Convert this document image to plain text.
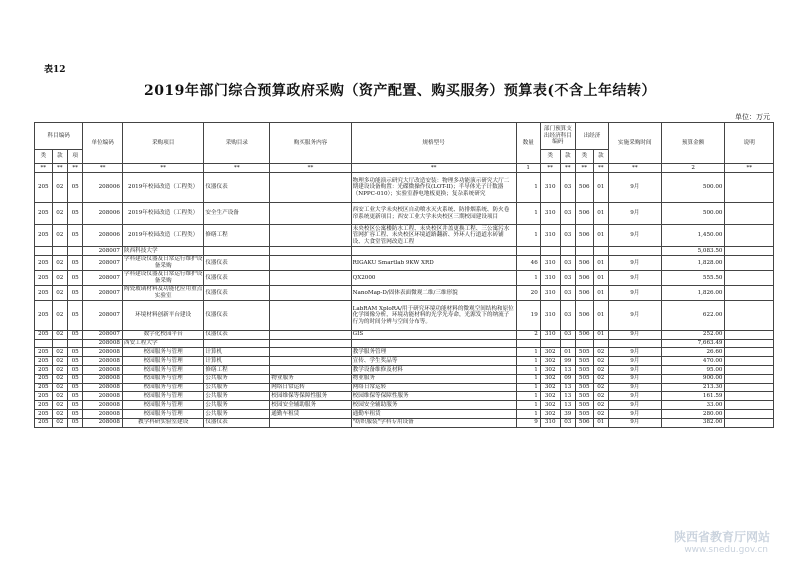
表12
2019年部门综合预算政府采购（资产配置、购买服务）预算表(不含上年结转）
单位：万元
科目编码			单位编码	采购项目	采购目录	购买服务内容	规格型号	数量	部门预算支出经济科目编码		出经济		实施采购时间	预算金额	说明
类	款	项							类	款	类	款			
**	**	**	**	**	**	**	**	1	**	**	**	**	**	2	**
205	02	05	208006	2019年校园改造（工程类）	仪器仪表		物理多功能演示研究大厅改造安装：物理多功能演示研究大厅二期建设设备购置：光碟微操作仪(LOT-II)；半导体光子计数器（NPPC-010）；实验室静电地板更换；复杂系统研究	1	310	03	506	01	9月	500.00	
205	02	05	208006	2019年校园改造（工程类）	安全生产设备		西安工业大学未央校区自动喷水灭火系统、防排烟系统、防火卷帘系统更新项目；西安工业大学未央校区三期校园建设项目	1	310	03	506	01	9月	500.00	
205	02	05	208006	2019年校园改造（工程类）	修缮工程		未央校区公寓楼防水工程、未央校区井盖更换工程、三公寓污水管网扩容工程、未央校区环境道路翻新、外环人行道道水砖铺设、大食堂管网改造工程	1	310	03	506	01	9月	1,450.00	
			208007	陕西科技大学										5,083.50	
205	02	05	208007	学科建设仪器及日常运行维护设备采购	仪器仪表		RIGAKU Smartlab 9KW XRD	46	310	03	506	01	9月	1,828.00	
205	02	05	208007	学科建设仪器及日常运行维护设备采购	仪器仪表		QX2000	1	310	03	506	01	9月	555.50	
205	02	05	208007	陶瓷玻璃材料及功能化应用重点实验室	仪器仪表		NanoMap-D/固体表面微观二维/三维形貌	20	310	03	506	01	9月	1,826.00	
205	02	05	208007	环境材料创新平台建设	仪器仪表		LabRAM XploRA/用于研究环境功能材料的微观空间结构和原位化学图像分析，环境功能材料的光学光寿命，光源发下的纳流子行为的时间分辨与空间分布等。	19	310	03	506	01	9月	622.00	
205	02	05	208007	数字化校园平台	仪器仪表		GIS	2	310	03	506	01	9月	252.00	
			208008	西安工程大学										7,663.49	
205	02	05	208008	校园服务与管理	计算机		教学服务管理	1	302	01	505	02	9月	26.60	
205	02	05	208008	校园服务与管理	计算机		宣传、学生奖品等	1	302	99	505	02	9月	470.00	
205	02	05	208008	校园服务与管理	修缮工程		教学设备维修及材料	1	302	13	505	02	9月	95.00	
205	02	05	208008	校园服务与管理	公共服务	物业服务	物业服务	1	302	09	505	02	9月	900.00	
205	02	05	208008	校园服务与管理	公共服务	网络日常运转	网络日常运转	1	302	13	505	02	9月	213.30	
205	02	05	208008	校园服务与管理	公共服务	校园维保等保障性服务	校园维保等保障性服务	1	302	13	505	02	9月	161.59	
205	02	05	208008	校园服务与管理	公共服务	校园安全辅助服务	校园安全辅助服务	1	302	13	505	02	9月	33.00	
205	02	05	208008	校园服务与管理	公共服务	通勤车租赁	通勤车租赁	1	302	39	505	02	9月	280.00	
205	02	05	208008	教学科研实验室建设	仪器仪表		"纺织服装"学科专用设备	9	310	03	506	01	9月	382.00	
陕西省教育厅网站
www.snedu.gov.cn
